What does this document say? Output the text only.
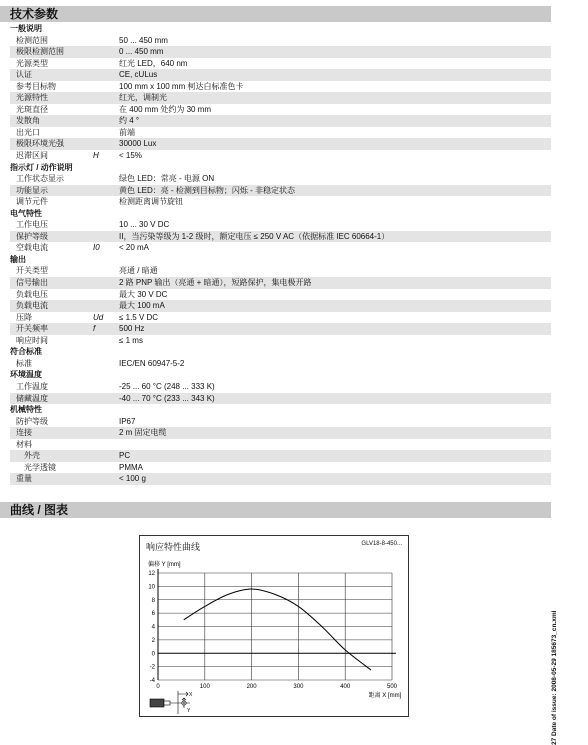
技术参数
一般说明
检测范围	50 ... 450 mm
极限检测范围	0 ... 450 mm
光源类型	红光 LED，640 nm
认证	CE, cULus
参考目标物	100 mm x 100 mm 柯达白标准色卡
光源特性	红光，调制光
光斑直径	在 400 mm 处约为 30 mm
发散角	约 4 °
出光口	前端
极限环境光强	30000 Lux
迟滞区间	H	< 15%
指示灯 / 动作说明
工作状态显示	绿色 LED：常亮 - 电源 ON
功能显示	黄色 LED：亮 - 检测到目标物；闪烁 - 非稳定状态
调节元件	检测距离调节旋钮
电气特性
工作电压	10 ... 30 V DC
保护等级	II，当污染等级为 1-2 级时，额定电压 ≤ 250 V AC（依据标准 IEC 60664-1）
空载电流	I0	< 20 mA
输出
开关类型	亮通 / 暗通
信号输出	2 路 PNP 输出（亮通 + 暗通），短路保护，集电极开路
负载电压	最大 30 V DC
负载电流	最大 100 mA
压降	Ud	≤ 1.5 V DC
开关频率	f	500 Hz
响应时间	≤ 1 ms
符合标准
标准	IEC/EN 60947-5-2
环境温度
工作温度	-25 ... 60 °C (248 ... 333 K)
储藏温度	-40 ... 70 °C (233 ... 343 K)
机械特性
防护等级	IP67
连接	2 m 固定电缆
材料
外壳	PC
光学透镜	PMMA
重量	< 100 g
曲线 / 图表
响应特性曲线	GLV18-8-450...
0	100	200	300	400	500
-4
-2
0
2
4
6
8
10
12
偏移 Y [mm]
距离 X [mm]
X
Y	27 Date of issue: 2008-05-29 185673_cn.xml
